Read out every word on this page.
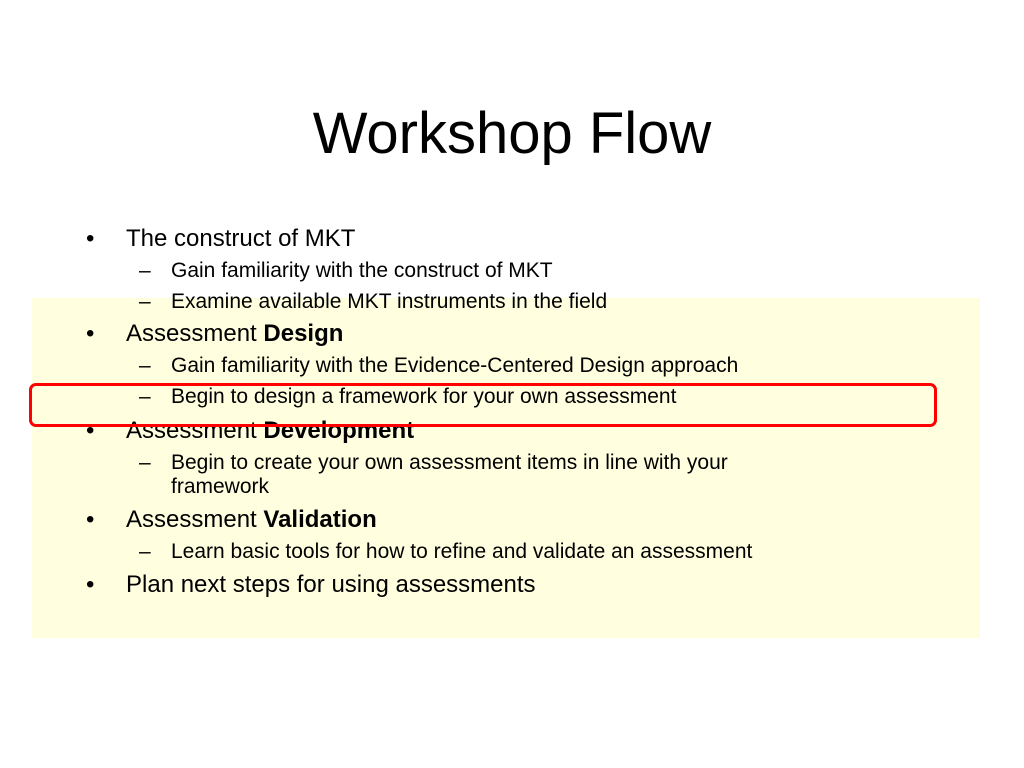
Workshop Flow
• The construct of MKT
– Gain familiarity with the construct of MKT
– Examine available MKT instruments in the field
• Assessment Design
– Gain familiarity with the Evidence-Centered Design approach
– Begin to design a framework for your own assessment
• Assessment Development
– Begin to create your own assessment items in line with your
framework
• Assessment Validation
– Learn basic tools for how to refine and validate an assessment
• Plan next steps for using assessments
